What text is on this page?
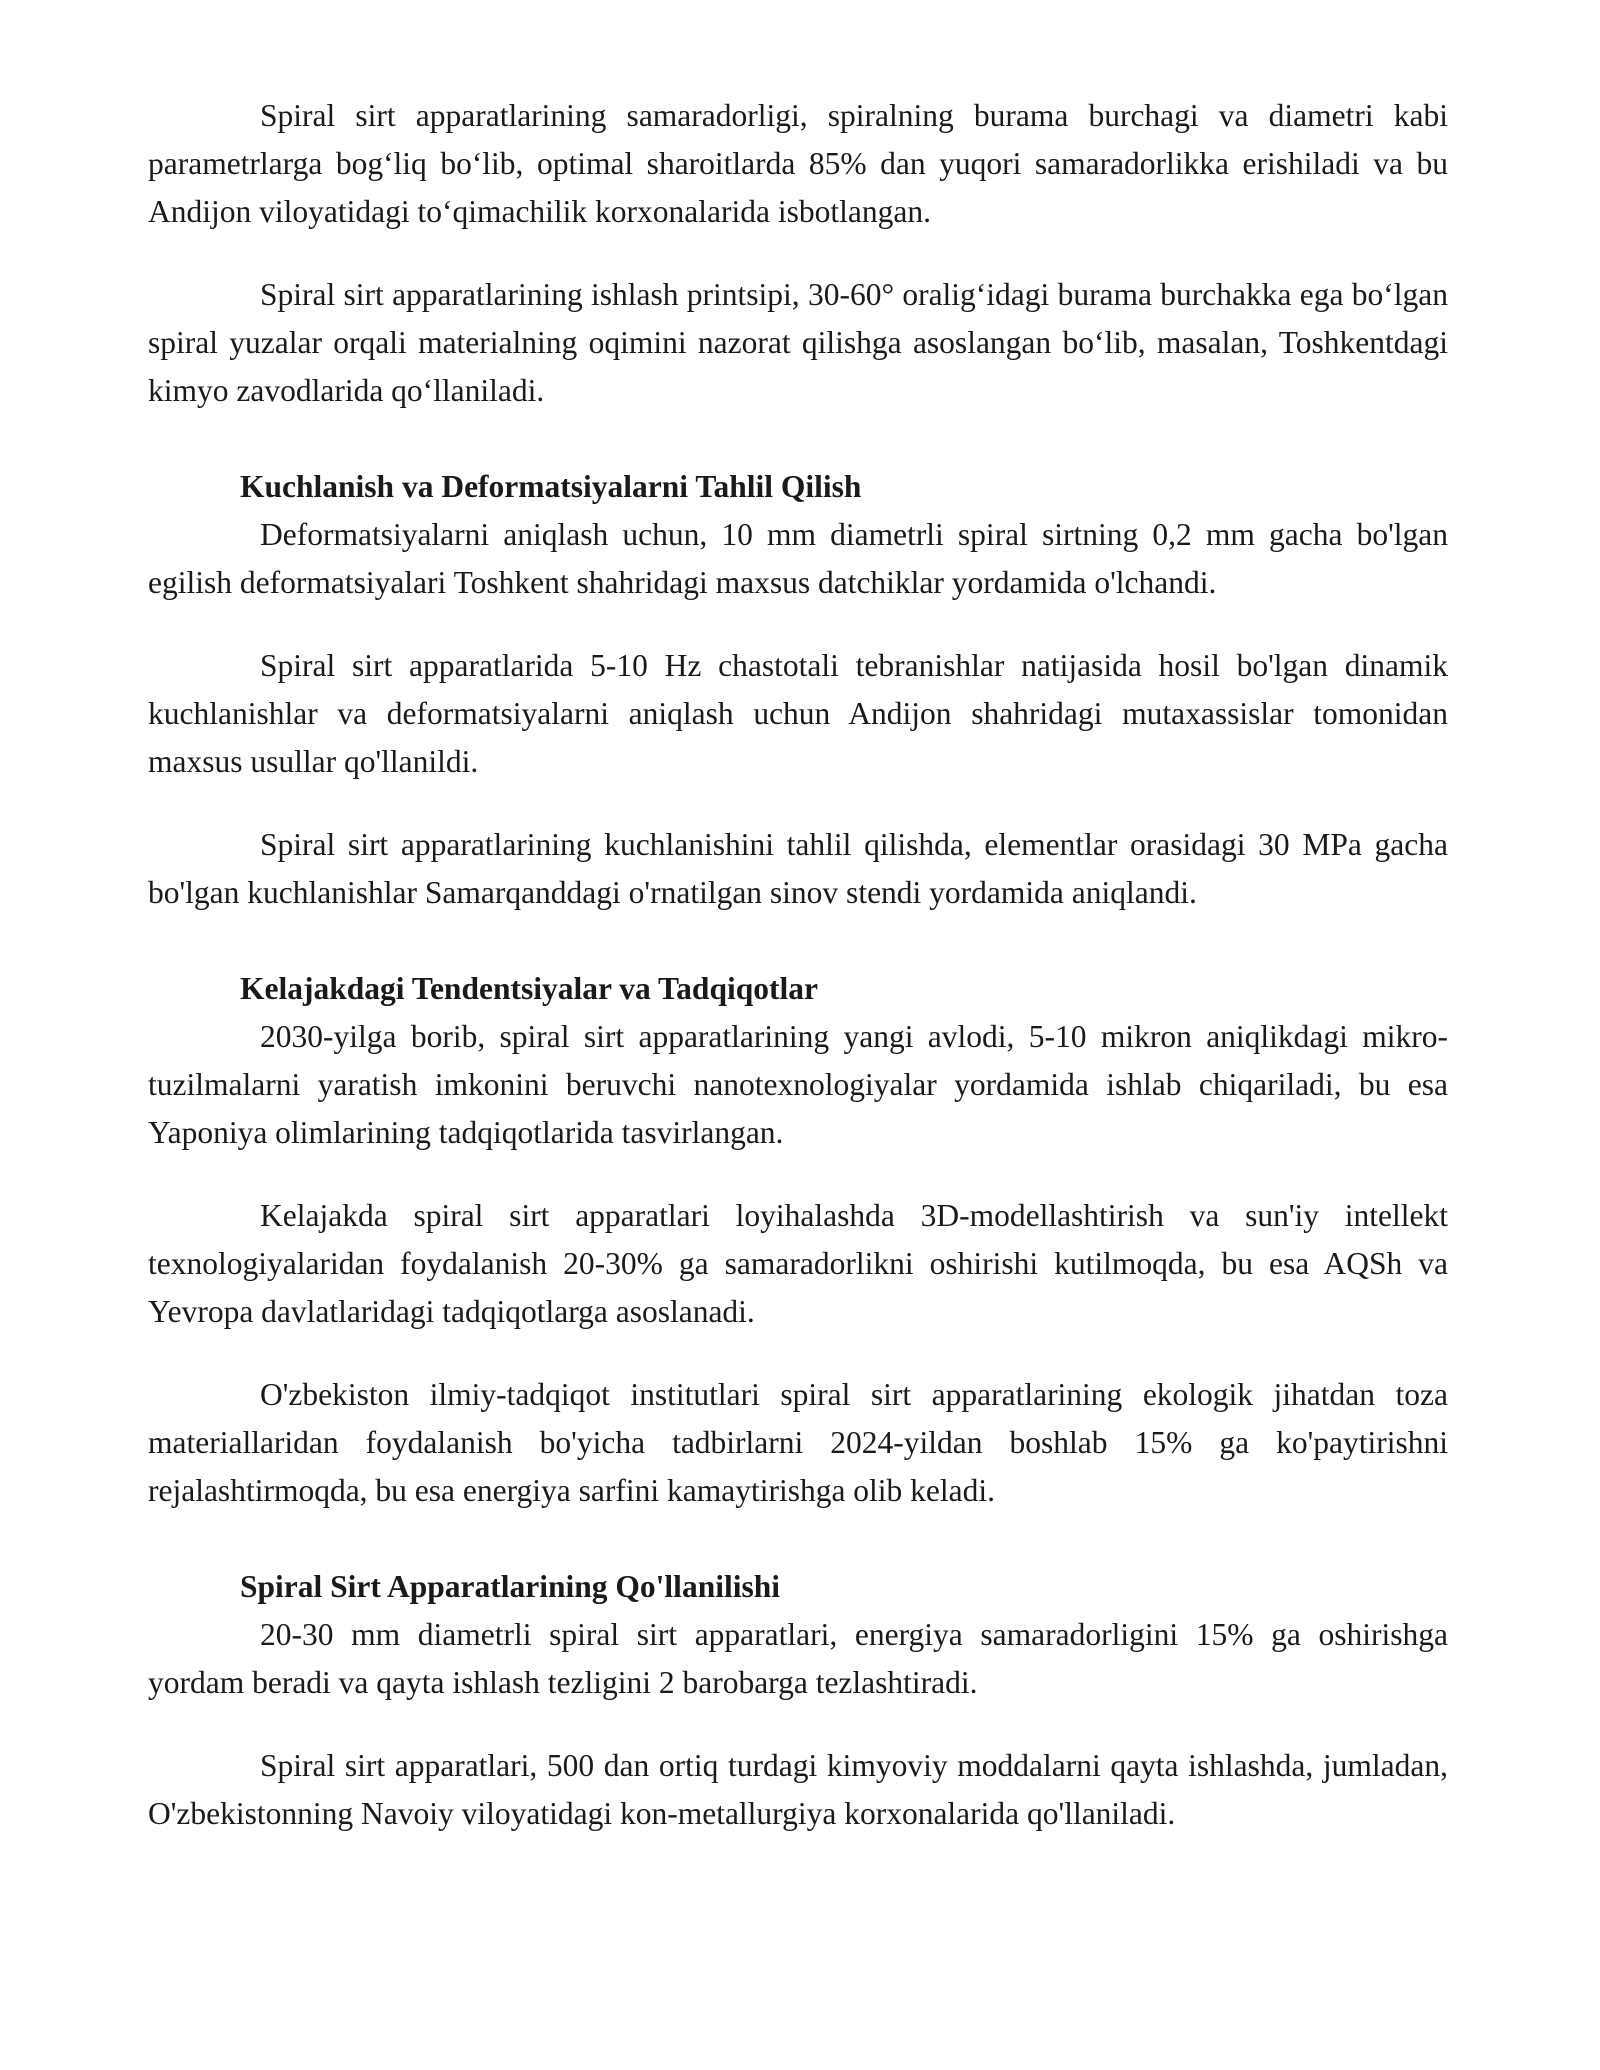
Spiral sirt apparatlarining samaradorligi, spiralning burama burchagi va diametri kabi parametrlarga bog‘liq bo‘lib, optimal sharoitlarda 85% dan yuqori samaradorlikka erishiladi va bu Andijon viloyatidagi to‘qimachilik korxonalarida isbotlangan.

Spiral sirt apparatlarining ishlash printsipi, 30-60° oralig‘idagi burama burchakka ega bo‘lgan spiral yuzalar orqali materialning oqimini nazorat qilishga asoslangan bo‘lib, masalan, Toshkentdagi kimyo zavodlarida qo‘llaniladi.

Kuchlanish va Deformatsiyalarni Tahlil Qilish

Deformatsiyalarni aniqlash uchun, 10 mm diametrli spiral sirtning 0,2 mm gacha bo'lgan egilish deformatsiyalari Toshkent shahridagi maxsus datchiklar yordamida o'lchandi.

Spiral sirt apparatlarida 5-10 Hz chastotali tebranishlar natijasida hosil bo'lgan dinamik kuchlanishlar va deformatsiyalarni aniqlash uchun Andijon shahridagi mutaxassislar tomonidan maxsus usullar qo'llanildi.

Spiral sirt apparatlarining kuchlanishini tahlil qilishda, elementlar orasidagi 30 MPa gacha bo'lgan kuchlanishlar Samarqanddagi o'rnatilgan sinov stendi yordamida aniqlandi.

Kelajakdagi Tendentsiyalar va Tadqiqotlar

2030-yilga borib, spiral sirt apparatlarining yangi avlodi, 5-10 mikron aniqlikdagi mikro-tuzilmalarni yaratish imkonini beruvchi nanotexnologiyalar yordamida ishlab chiqariladi, bu esa Yaponiya olimlarining tadqiqotlarida tasvirlangan.

Kelajakda spiral sirt apparatlari loyihalashda 3D-modellashtirish va sun'iy intellekt texnologiyalaridan foydalanish 20-30% ga samaradorlikni oshirishi kutilmoqda, bu esa AQSh va Yevropa davlatlaridagi tadqiqotlarga asoslanadi.

O'zbekiston ilmiy-tadqiqot institutlari spiral sirt apparatlarining ekologik jihatdan toza materiallaridan foydalanish bo'yicha tadbirlarni 2024-yildan boshlab 15% ga ko'paytirishni rejalashtirmoqda, bu esa energiya sarfini kamaytirishga olib keladi.

Spiral Sirt Apparatlarining Qo'llanilishi

20-30 mm diametrli spiral sirt apparatlari, energiya samaradorligini 15% ga oshirishga yordam beradi va qayta ishlash tezligini 2 barobarga tezlashtiradi.

Spiral sirt apparatlari, 500 dan ortiq turdagi kimyoviy moddalarni qayta ishlashda, jumladan, O'zbekistonning Navoiy viloyatidagi kon-metallurgiya korxonalarida qo'llaniladi.
